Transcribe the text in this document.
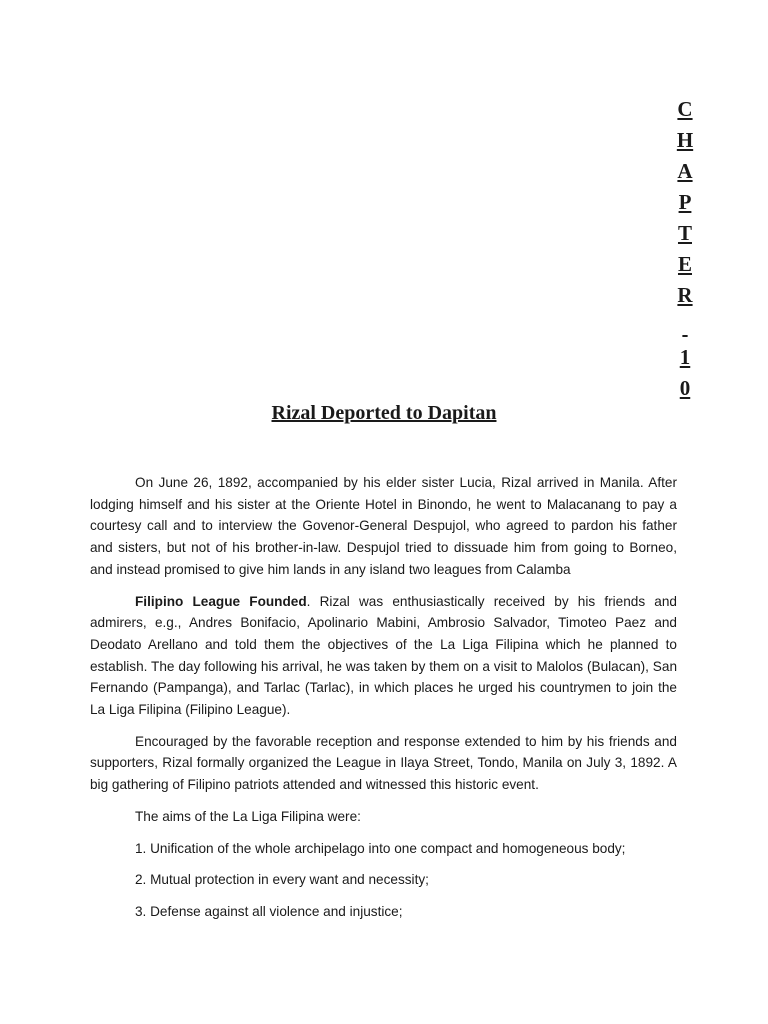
C
H
A
P
T
E
R

1
0
Rizal Deported to Dapitan

On June 26, 1892, accompanied by his elder sister Lucia, Rizal arrived in Manila. After lodging himself and his sister at the Oriente Hotel in Binondo, he went to Malacanang to pay a courtesy call and to interview the Govenor-General Despujol, who agreed to pardon his father and sisters, but not of his brother-in-law. Despujol tried to dissuade him from going to Borneo, and instead promised to give him lands in any island two leagues from Calamba

Filipino League Founded. Rizal was enthusiastically received by his friends and admirers, e.g., Andres Bonifacio, Apolinario Mabini, Ambrosio Salvador, Timoteo Paez and Deodato Arellano and told them the objectives of the La Liga Filipina which he planned to establish. The day following his arrival, he was taken by them on a visit to Malolos (Bulacan), San Fernando (Pampanga), and Tarlac (Tarlac), in which places he urged his countrymen to join the La Liga Filipina (Filipino League).

Encouraged by the favorable reception and response extended to him by his friends and supporters, Rizal formally organized the League in Ilaya Street, Tondo, Manila on July 3, 1892. A big gathering of Filipino patriots attended and witnessed this historic event.

The aims of the La Liga Filipina were:

1. Unification of the whole archipelago into one compact and homogeneous body;

2. Mutual protection in every want and necessity;

3. Defense against all violence and injustice;
